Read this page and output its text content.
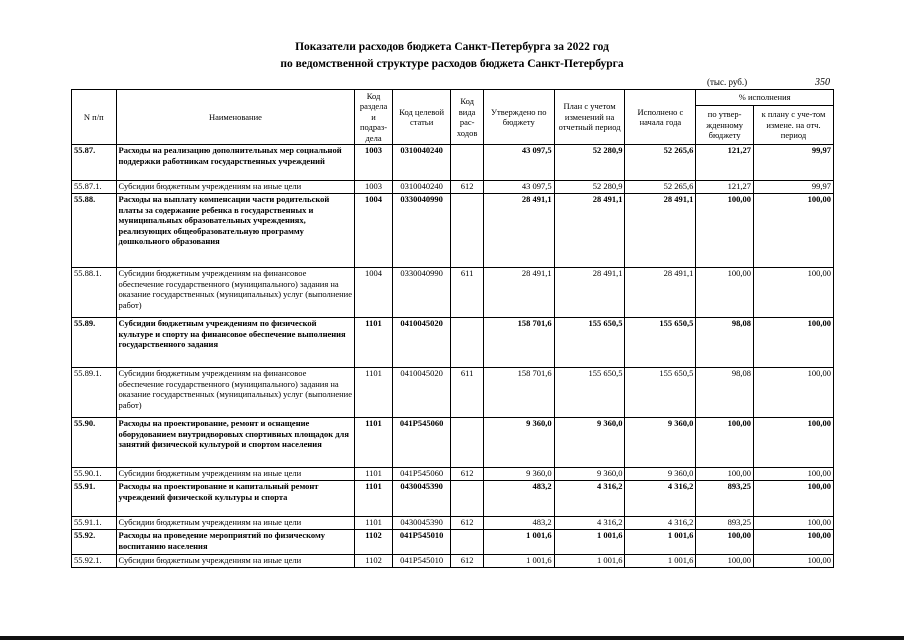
Показатели расходов бюджета Санкт-Петербурга за 2022 год
по ведомственной структуре расходов бюджета Санкт-Петербурга
(тыс. руб.)	350
N п/п	Наименование	Код раздела и подраз-дела	Код целевой статьи	Код вида рас-ходов	Утверждено по бюджету	План с учетом изменений на отчетный период	Исполнено с начала года	% исполнения	
								по утвер-жденному бюджету	к плану с уче-том измене. на отч. период
55.87.	Расходы на реализацию дополнительных мер социальной поддержки работникам государственных учреждений	1003	0310040240		43 097,5	52 280,9	52 265,6	121,27	99,97
55.87.1.	Субсидии бюджетным учреждениям на иные цели	1003	0310040240	612	43 097,5	52 280,9	52 265,6	121,27	99,97
55.88.	Расходы на выплату компенсации части родительской платы за содержание ребенка в государственных и муниципальных образовательных учреждениях, реализующих общеобразовательную программу дошкольного образования	1004	0330040990		28 491,1	28 491,1	28 491,1	100,00	100,00
55.88.1.	Субсидии бюджетным учреждениям на финансовое обеспечение государственного (муниципального) задания на оказание государственных (муниципальных) услуг (выполнение работ)	1004	0330040990	611	28 491,1	28 491,1	28 491,1	100,00	100,00
55.89.	Субсидии бюджетным учреждениям по физической культуре и спорту на финансовое обеспечение выполнения государственного задания	1101	0410045020		158 701,6	155 650,5	155 650,5	98,08	100,00
55.89.1.	Субсидии бюджетным учреждениям на финансовое обеспечение государственного (муниципального) задания на оказание государственных (муниципальных) услуг (выполнение работ)	1101	0410045020	611	158 701,6	155 650,5	155 650,5	98,08	100,00
55.90.	Расходы на проектирование, ремонт и оснащение оборудованием внутридворовых спортивных площадок для занятий физической культурой и спортом населения	1101	041P545060		9 360,0	9 360,0	9 360,0	100,00	100,00
55.90.1.	Субсидии бюджетным учреждениям на иные цели	1101	041P545060	612	9 360,0	9 360,0	9 360,0	100,00	100,00
55.91.	Расходы на проектирование и капитальный ремонт учреждений физической культуры и спорта	1101	0430045390		483,2	4 316,2	4 316,2	893,25	100,00
55.91.1.	Субсидии бюджетным учреждениям на иные цели	1101	0430045390	612	483,2	4 316,2	4 316,2	893,25	100,00
55.92.	Расходы на проведение мероприятий по физическому воспитанию населения	1102	041P545010		1 001,6	1 001,6	1 001,6	100,00	100,00
55.92.1.	Субсидии бюджетным учреждениям на иные цели	1102	041P545010	612	1 001,6	1 001,6	1 001,6	100,00	100,00
